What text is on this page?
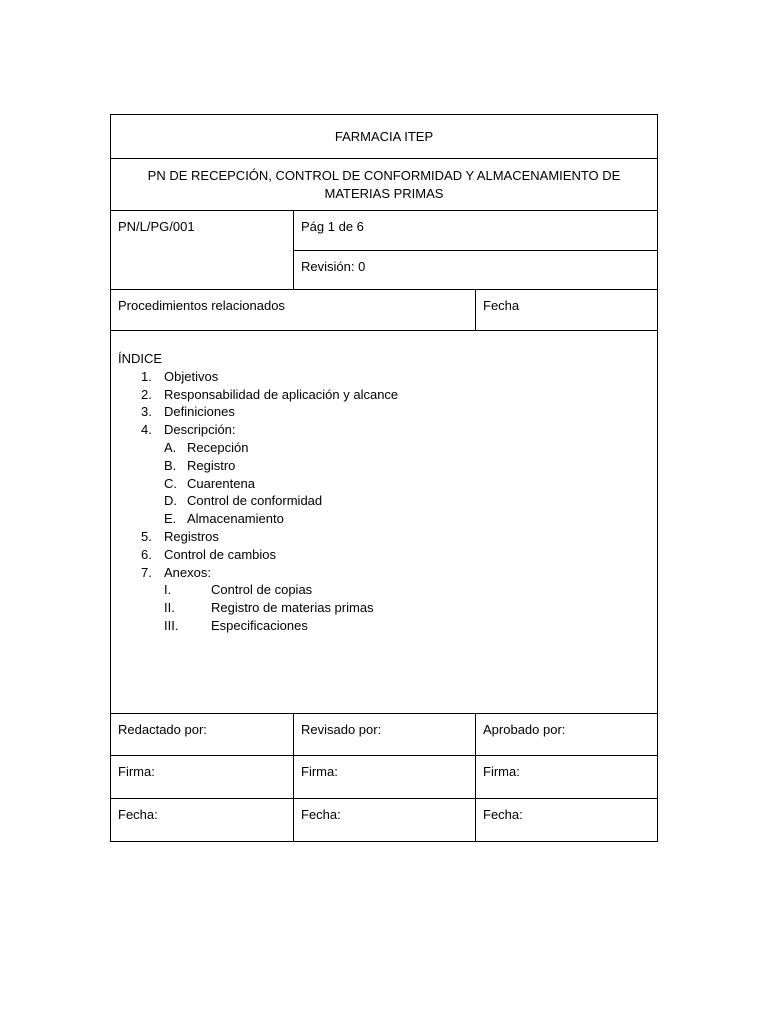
FARMACIA ITEP
PN DE RECEPCIÓN, CONTROL DE CONFORMIDAD Y ALMACENAMIENTO DE MATERIAS PRIMAS
PN/L/PG/001	Pág 1 de 6
Revisión: 0
Procedimientos relacionados	Fecha
ÍNDICE
1. Objetivos
2. Responsabilidad de aplicación y alcance
3. Definiciones
4. Descripción:
A. Recepción
B. Registro
C. Cuarentena
D. Control de conformidad
E. Almacenamiento
5. Registros
6. Control de cambios
7. Anexos:
I.	Control de copias
II.	Registro de materias primas
III.	Especificaciones
Redactado por:	Revisado por:	Aprobado por:
Firma:	Firma:	Firma:
Fecha:	Fecha:	Fecha:
